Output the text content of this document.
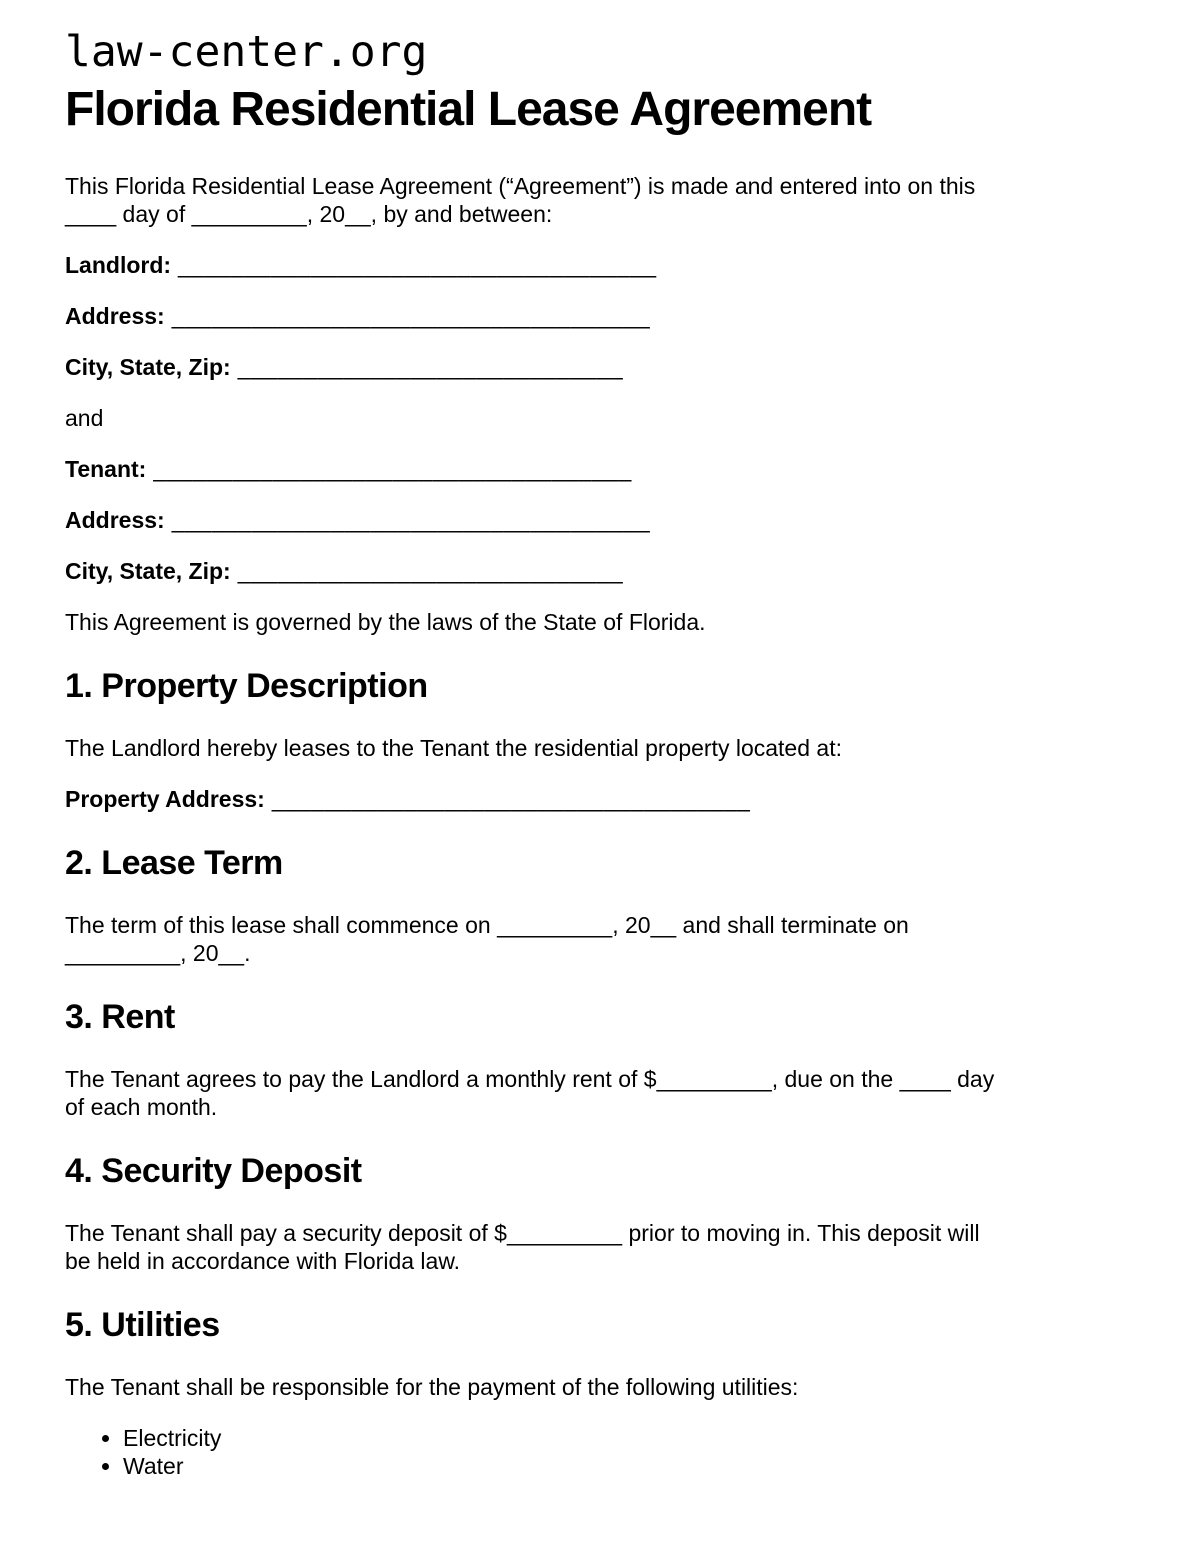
law-center.org
Florida Residential Lease Agreement

This Florida Residential Lease Agreement (“Agreement”) is made and entered into on this
____ day of _________, 20__, by and between:

Landlord: ____________________________________

Address: ____________________________________

City, State, Zip: _____________________________

and

Tenant: ____________________________________

Address: ____________________________________

City, State, Zip: _____________________________

This Agreement is governed by the laws of the State of Florida.

1. Property Description

The Landlord hereby leases to the Tenant the residential property located at:

Property Address: ____________________________________

2. Lease Term

The term of this lease shall commence on _________, 20__ and shall terminate on
_________, 20__.

3. Rent

The Tenant agrees to pay the Landlord a monthly rent of $_________, due on the ____ day
of each month.

4. Security Deposit

The Tenant shall pay a security deposit of $_________ prior to moving in. This deposit will
be held in accordance with Florida law.

5. Utilities

The Tenant shall be responsible for the payment of the following utilities:

• Electricity
• Water
